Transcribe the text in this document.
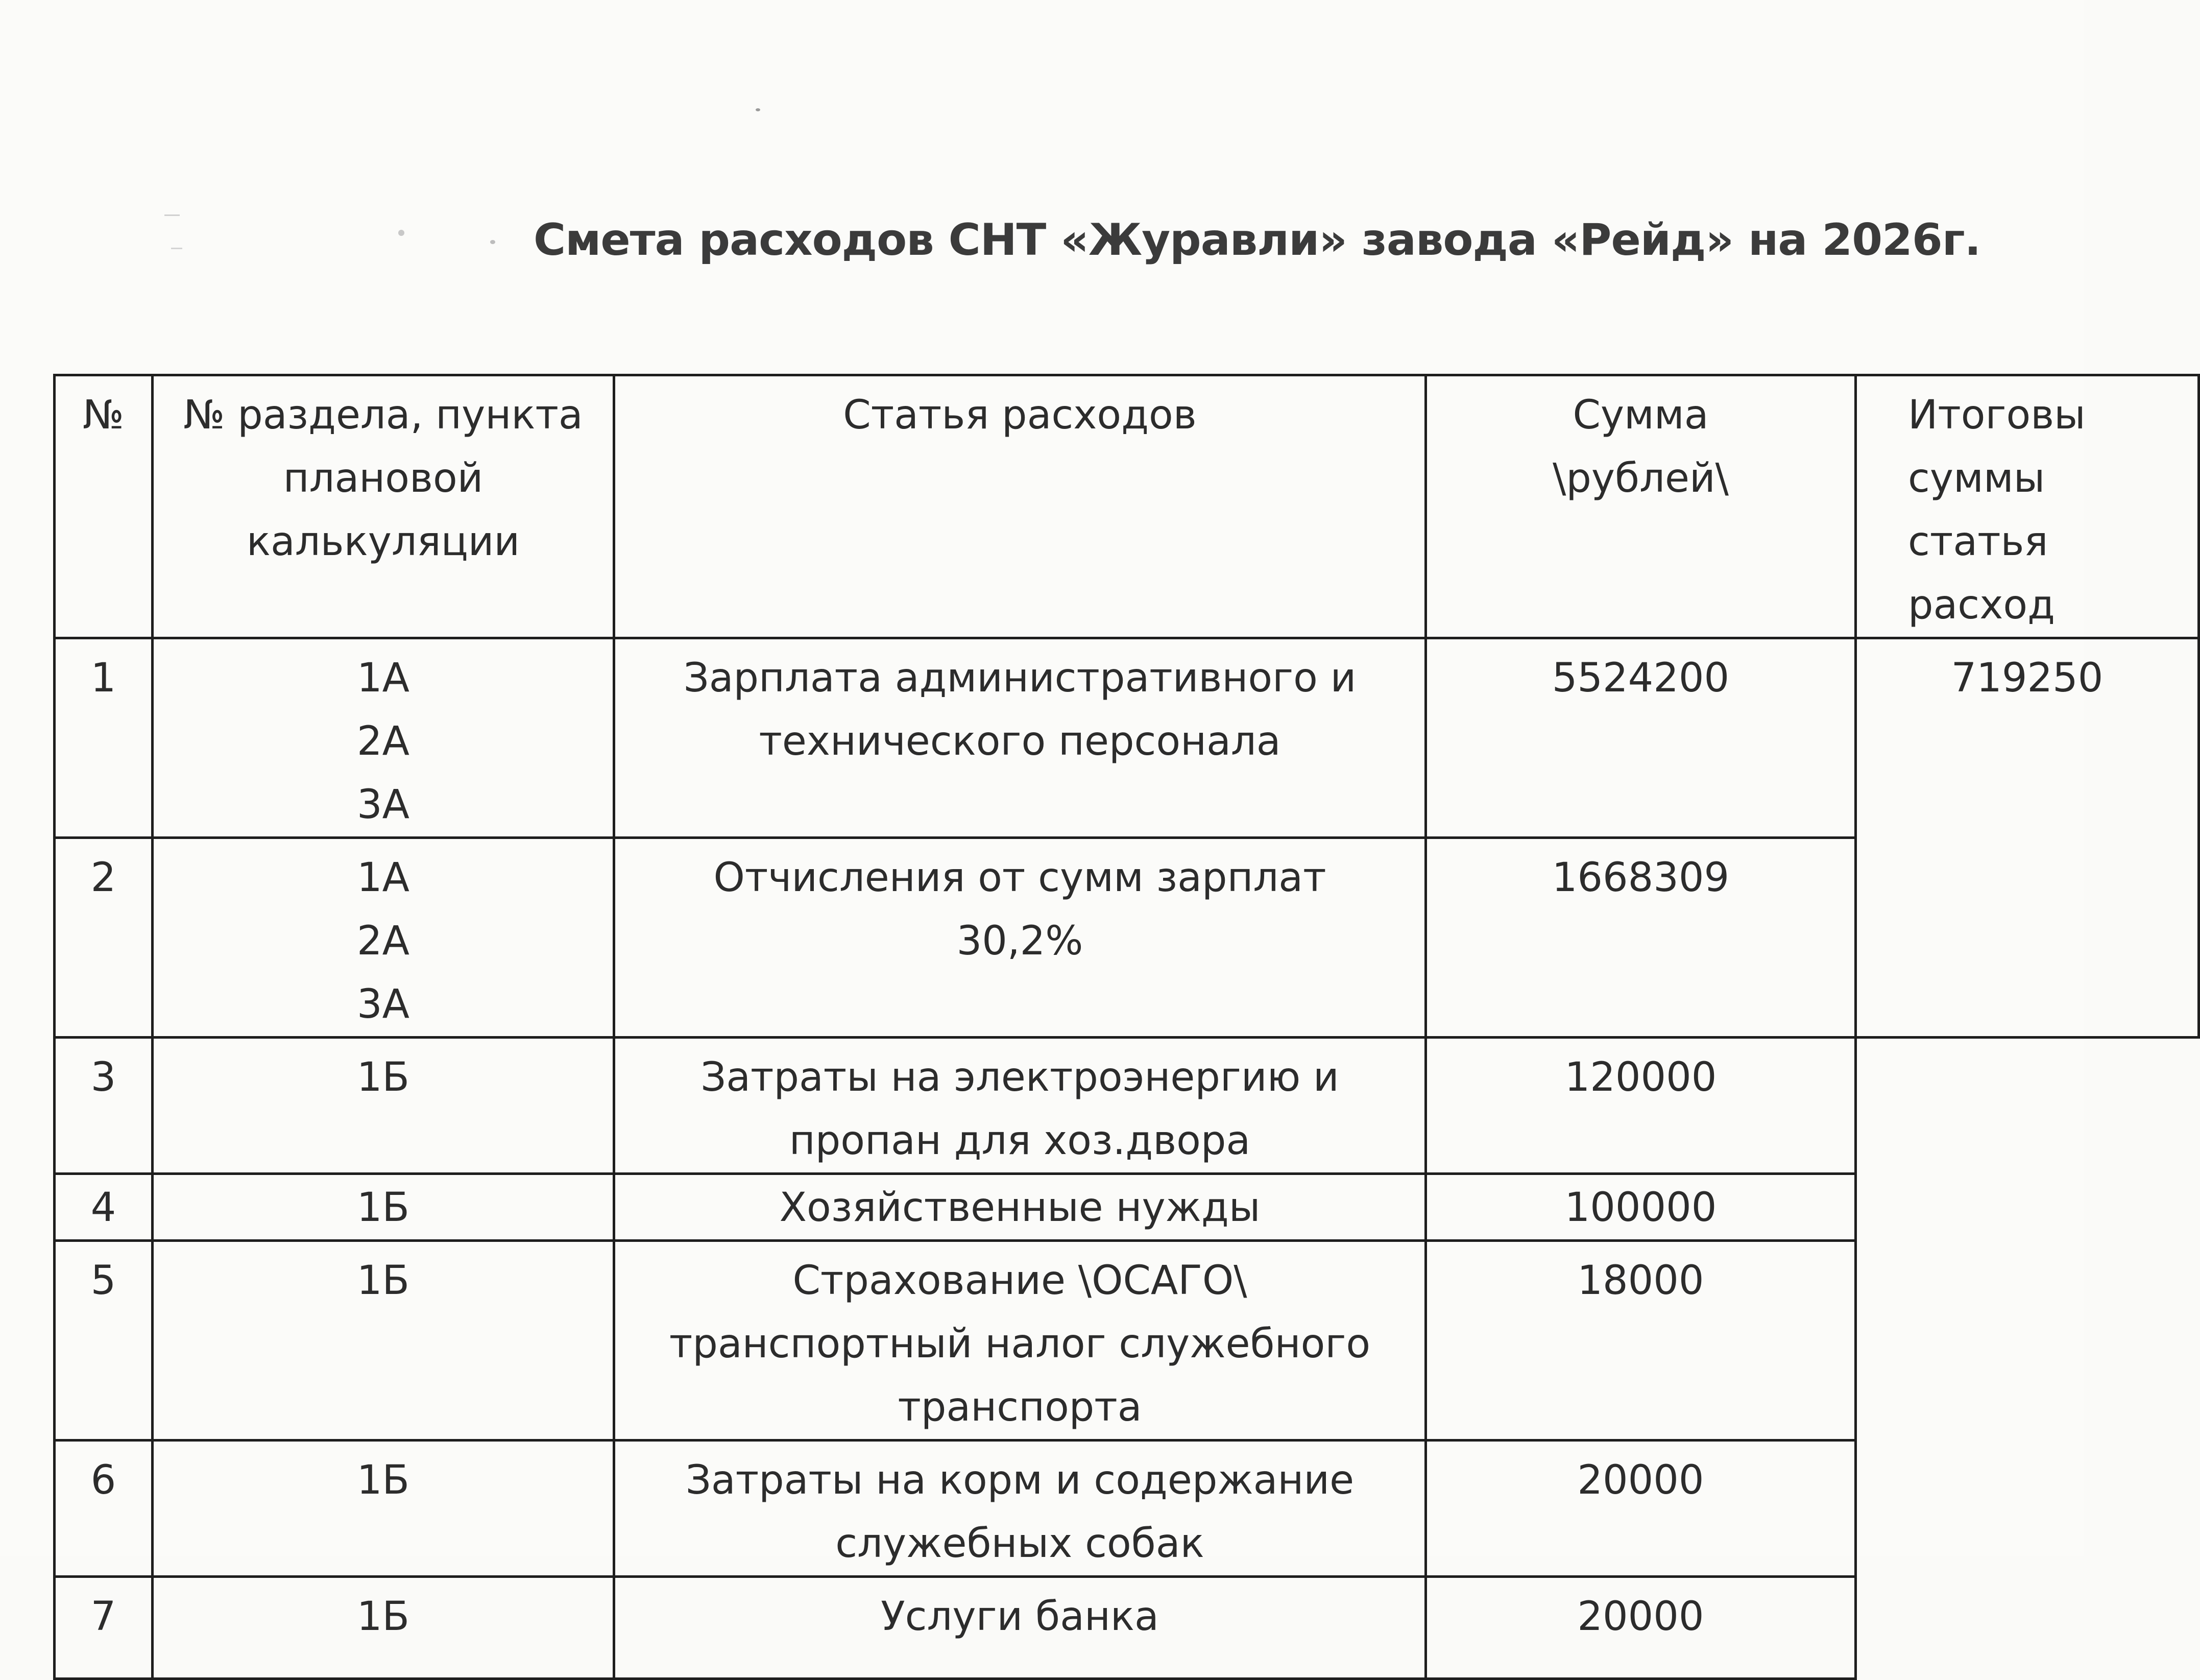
Смета расходов СНТ «Журавли» завода «Рейд» на 2026г.
№	№ раздела, пункта плановой калькуляции	Статья расходов	Сумма \рублей\	Итоговы суммы статья расход
1	1А
2А
3А	Зарплата административного и технического персонала	5524200	719250
2	1А
2А
3А	Отчисления от сумм зарплат 30,2%	1668309	
3	1Б	Затраты на электроэнергию и пропан для хоз.двора	120000	
4	1Б	Хозяйственные нужды	100000	
5	1Б	Страхование \ОСАГО\ транспортный налог служебного транспорта	18000	
6	1Б	Затраты на корм и содержание служебных собак	20000	
7	1Б	Услуги банка	20000	
